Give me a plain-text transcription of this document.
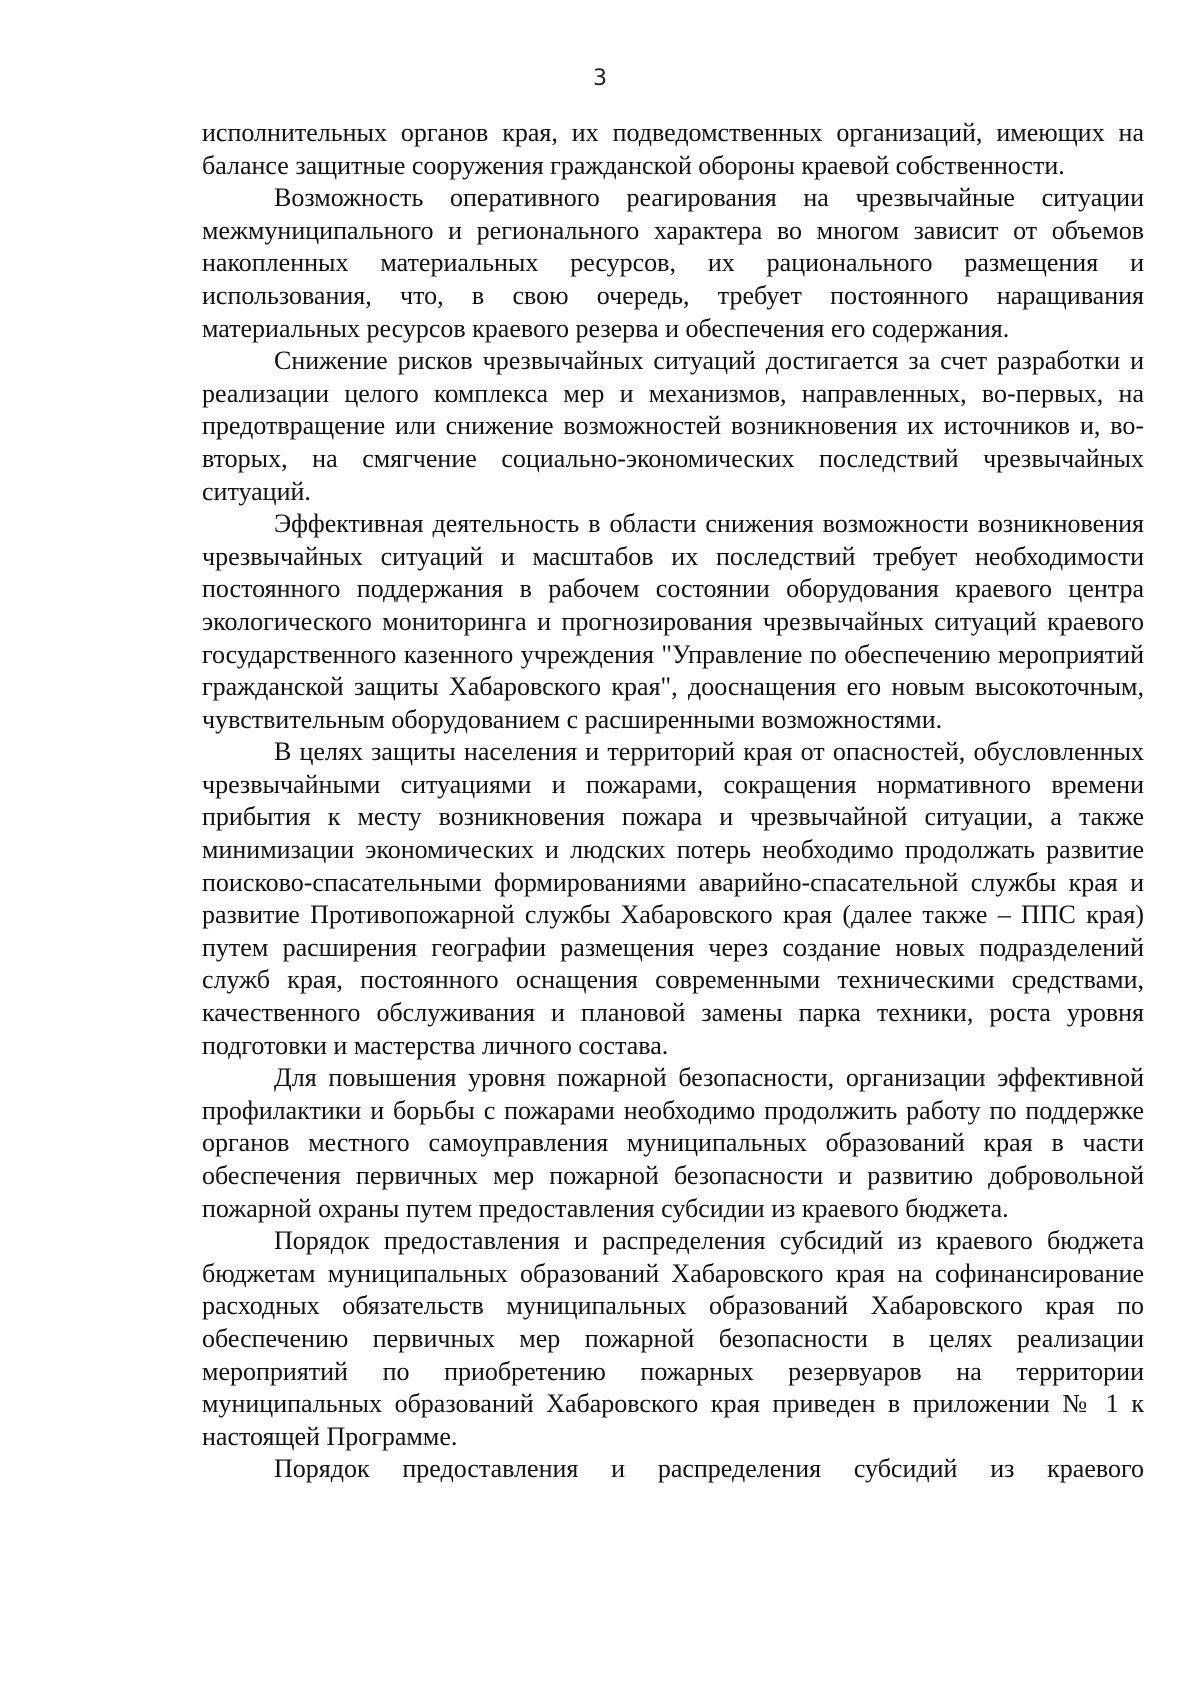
3

исполнительных органов края, их подведомственных организаций, имеющих на балансе защитные сооружения гражданской обороны краевой собственности.

Возможность оперативного реагирования на чрезвычайные ситуации межмуниципального и регионального характера во многом зависит от объемов накопленных материальных ресурсов, их рационального размещения и использования, что, в свою очередь, требует постоянного наращивания материальных ресурсов краевого резерва и обеспечения его содержания.

Снижение рисков чрезвычайных ситуаций достигается за счет разработки и реализации целого комплекса мер и механизмов, направленных, во-первых, на предотвращение или снижение возможностей возникновения их источников и, во-вторых, на смягчение социально-экономических последствий чрезвычайных ситуаций.

Эффективная деятельность в области снижения возможности возникновения чрезвычайных ситуаций и масштабов их последствий требует необходимости постоянного поддержания в рабочем состоянии оборудования краевого центра экологического мониторинга и прогнозирования чрезвычайных ситуаций краевого государственного казенного учреждения "Управление по обеспечению мероприятий гражданской защиты Хабаровского края", дооснащения его новым высокоточным, чувствительным оборудованием с расширенными возможностями.

В целях защиты населения и территорий края от опасностей, обусловленных чрезвычайными ситуациями и пожарами, сокращения нормативного времени прибытия к месту возникновения пожара и чрезвычайной ситуации, а также минимизации экономических и людских потерь необходимо продолжать развитие поисково-спасательными формированиями аварийно-спасательной службы края и развитие Противопожарной службы Хабаровского края (далее также – ППС края) путем расширения географии размещения через создание новых подразделений служб края, постоянного оснащения современными техническими средствами, качественного обслуживания и плановой замены парка техники, роста уровня подготовки и мастерства личного состава.

Для повышения уровня пожарной безопасности, организации эффективной профилактики и борьбы с пожарами необходимо продолжить работу по поддержке органов местного самоуправления муниципальных образований края в части обеспечения первичных мер пожарной безопасности и развитию добровольной пожарной охраны путем предоставления субсидии из краевого бюджета.

Порядок предоставления и распределения субсидий из краевого бюджета бюджетам муниципальных образований Хабаровского края на софинансирование расходных обязательств муниципальных образований Хабаровского края по обеспечению первичных мер пожарной безопасности в целях реализации мероприятий по приобретению пожарных резервуаров на территории муниципальных образований Хабаровского края приведен в приложении № 1 к настоящей Программе.

Порядок предоставления и распределения субсидий из краевого
